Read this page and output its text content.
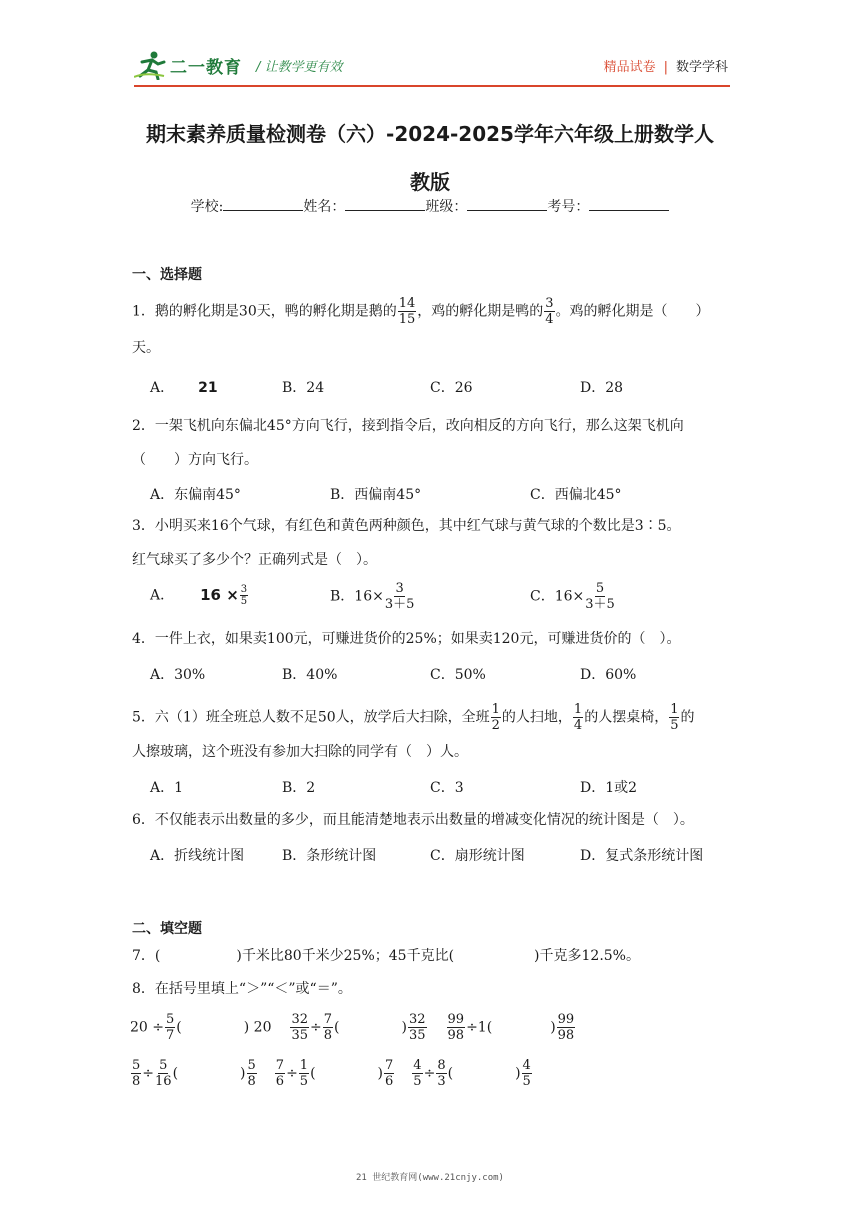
二一教育 / 让教学更有效	精品试卷 | 数学学科
期末素养质量检测卷（六）-2024-2025学年六年级上册数学人
教版
学校:	姓名：	班级：	考号：
一、选择题
1．鹅的孵化期是30天，鸭的孵化期是鹅的 $\frac{14}{15}$ ，鸡的孵化期是鸭的 $\frac{3}{4}$ 。鸡的孵化期是（　　）
天。
A． 21	B．24	C．26	D．28
2．一架飞机向东偏北45°方向飞行，接到指令后，改向相反的方向飞行，那么这架飞机向
（　　）方向飞行。
A．东偏南45°	B．西偏南45°	C．西偏北45°
3．小明买来16个气球，有红色和黄色两种颜色，其中红气球与黄气球的个数比是3∶5。
红气球买了多少个？正确列式是（　）。
A． $16 \times \frac{3}{5}$	B．$16\times \frac{3}{3+5}$	C．$16\times \frac{5}{3+5}$
4．一件上衣，如果卖100元，可赚进货价的25%；如果卖120元，可赚进货价的（　）。
A．30%	B．40%	C．50%	D．60%
5．六（1）班全班总人数不足50人，放学后大扫除，全班 $\frac{1}{2}$ 的人扫地， $\frac{1}{4}$ 的人摆桌椅， $\frac{1}{5}$ 的
人擦玻璃，这个班没有参加大扫除的同学有（　）人。
A．1	B．2	C．3	D．1或2
6．不仅能表示出数量的多少，而且能清楚地表示出数量的增减变化情况的统计图是（　）。
A．折线统计图	B．条形统计图	C．扇形统计图	D．复式条形统计图
二、填空题
7．(	)千米比80千米少25%；45千克比(	)千克多12.5%。
8．在括号里填上“＞”“＜”或“＝”。
$20 \div \frac{5}{7}$ (	) $20 \frac{32}{35} \div \frac{7}{8}$ (	) $\frac{32}{35} \frac{99}{98} \div 1$(	) $\frac{99}{98}$
$\frac{5}{8} \div \frac{5}{16}$ (	) $\frac{5}{8} \frac{7}{6} \div \frac{1}{5}$ (	) $\frac{7}{6} \frac{4}{5} \div \frac{8}{3}$ (	) $\frac{4}{5}$
21 世纪教育网(www.21cnjy.com)
